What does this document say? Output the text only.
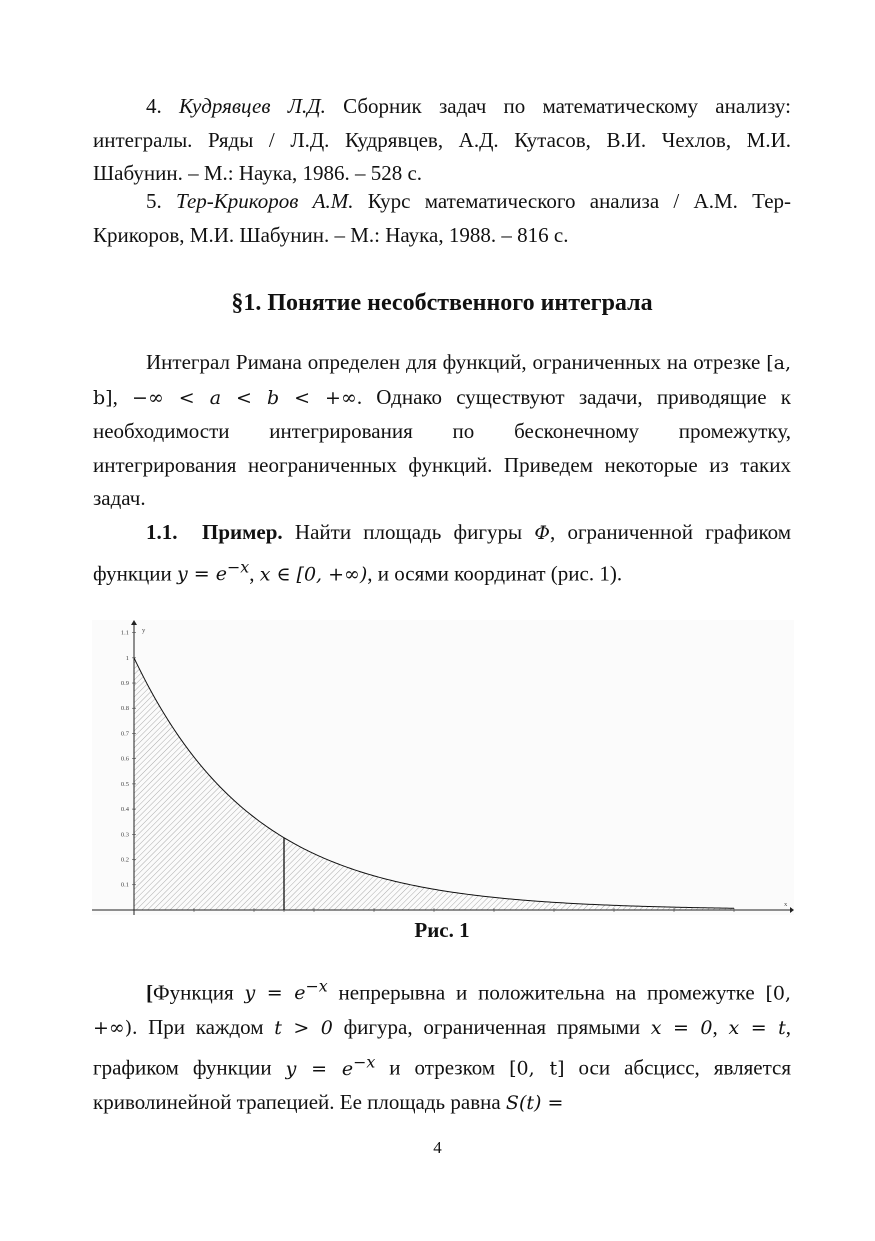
4. Кудрявцев Л.Д. Сборник задач по математическому анализу: интегралы. Ряды / Л.Д. Кудрявцев, А.Д. Кутасов, В.И. Чехлов, М.И. Шабунин. – М.: Наука, 1986. – 528 с.

5. Тер-Крикоров А.М. Курс математического анализа / А.М. Тер-Крикоров, М.И. Шабунин. – М.: Наука, 1988. – 816 с.

§1. Понятие несобственного интеграла

Интеграл Римана определен для функций, ограниченных на отрезке [a, b], −∞ < a < b < +∞. Однако существуют задачи, приводящие к необходимости интегрирования по бесконечному промежутку, интегрирования неограниченных функций. Приведем некоторые из таких задач.

1.1. Пример. Найти площадь фигуры Φ, ограниченной графиком функции $y = e^{-x}$, x ∈ [0, +∞), и осями координат (рис. 1).

x
y
0.1
0.2
0.3
0.4
0.5
0.6
0.7
0.8
0.9
1
1.1
Рис. 1

[Функция $y = e^{-x}$ непрерывна и положительна на промежутке [0, +∞). При каждом t > 0 фигура, ограниченная прямыми x = 0, x = t, графиком функции $y = e^{-x}$ и отрезком [0, t] оси абсцисс, является криволинейной трапецией. Ее площадь равна S(t) =

4
